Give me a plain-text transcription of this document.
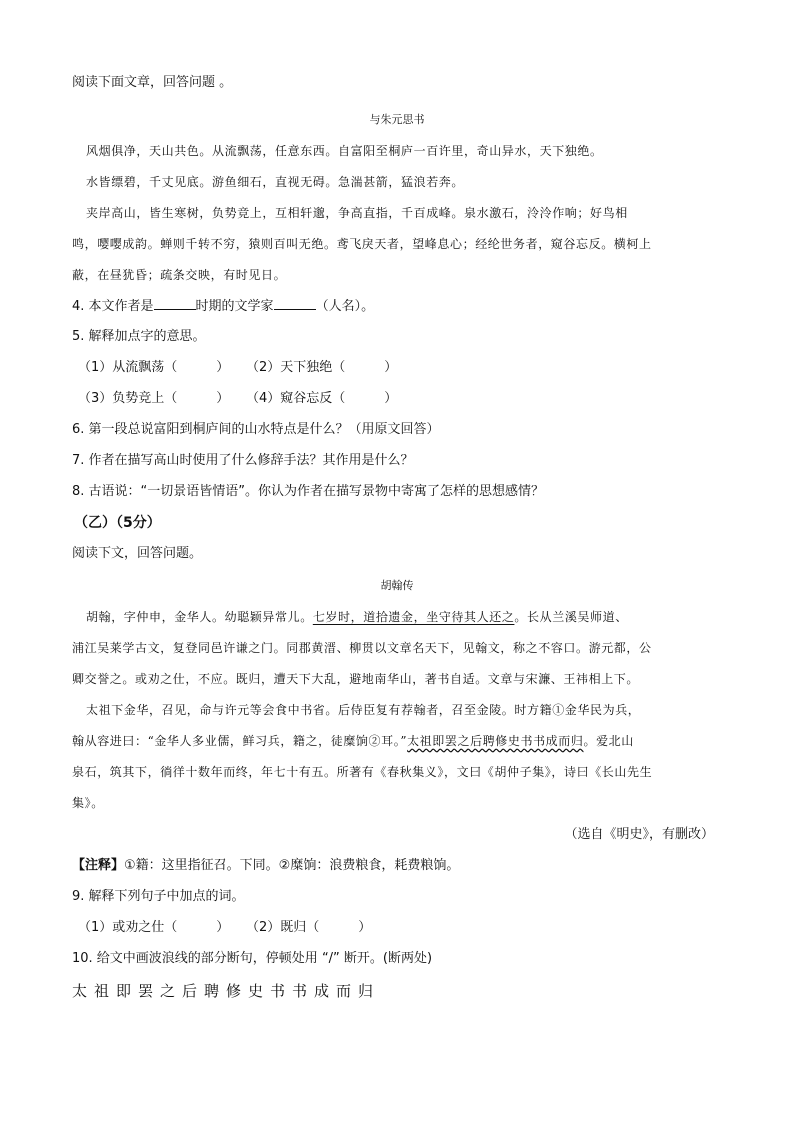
阅读下面文章，回答问题 。
与朱元思书
风烟俱净，天山共色。从流飘荡，任意东西。自富阳至桐庐一百许里，奇山异水，天下独绝。
水皆缥碧，千丈见底。游鱼细石，直视无碍。急湍甚箭，猛浪若奔。
夹岸高山，皆生寒树，负势竞上，互相轩邈，争高直指，千百成峰。泉水激石，泠泠作响；好鸟相
鸣，嘤嘤成韵。蝉则千转不穷，猿则百叫无绝。鸢飞戾天者，望峰息心；经纶世务者，窥谷忘反。横柯上
蔽，在昼犹昏；疏条交映，有时见日。
4. 本文作者是	时期的文学家	（人名）。
5. 解释加点字的意思。
（1）从流飘荡（　　　） （2）天下独绝（　　　）
（3）负势竞上（　　　） （4）窥谷忘反（　　　）
6. 第一段总说富阳到桐庐间的山水特点是什么？（用原文回答）
7. 作者在描写高山时使用了什么修辞手法？其作用是什么？
8. 古语说：“一切景语皆情语”。你认为作者在描写景物中寄寓了怎样的思想感情？
（乙）（5分）
阅读下文，回答问题。
胡翰传
胡翰，字仲申，金华人。幼聪颖异常儿。七岁时，道拾遗金，坐守待其人还之。长从兰溪吴师道、
浦江吴莱学古文，复登同邑许谦之门。同郡黄溍、柳贯以文章名天下，见翰文，称之不容口。游元都，公
卿交誉之。或劝之仕，不应。既归，遭天下大乱，避地南华山，著书自适。文章与宋濂、王祎相上下。
太祖下金华，召见，命与许元等会食中书省。后侍臣复有荐翰者，召至金陵。时方籍①金华民为兵，
翰从容进曰：“金华人多业儒，鲜习兵，籍之，徒糜饷②耳。”太祖即罢之后聘修史书书成而归。爱北山
泉石，筑其下，徜徉十数年而终，年七十有五。所著有《春秋集义》，文曰《胡仲子集》，诗曰《长山先生
集》。
（选自《明史》，有删改）
【注释】①籍：这里指征召。下同。②糜饷：浪费粮食，耗费粮饷。
9. 解释下列句子中加点的词。
（1）或劝之仕（　　　） （2）既归（　　　）
10. 给文中画波浪线的部分断句，停顿处用 “/” 断开。(断两处)
太祖即罢之后聘修史书书成而归
